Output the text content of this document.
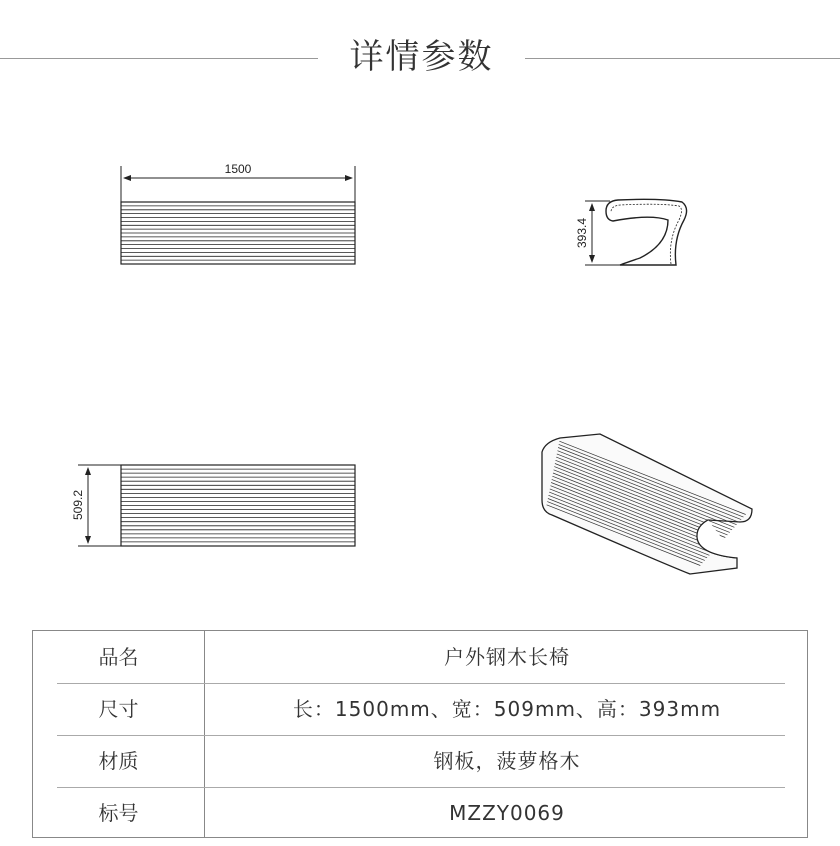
详情参数
1500
393.4
509.2
品名	户外钢木长椅
尺寸	长：1500mm、宽：509mm、高：393mm
材质	钢板，菠萝格木
标号	MZZY0069
